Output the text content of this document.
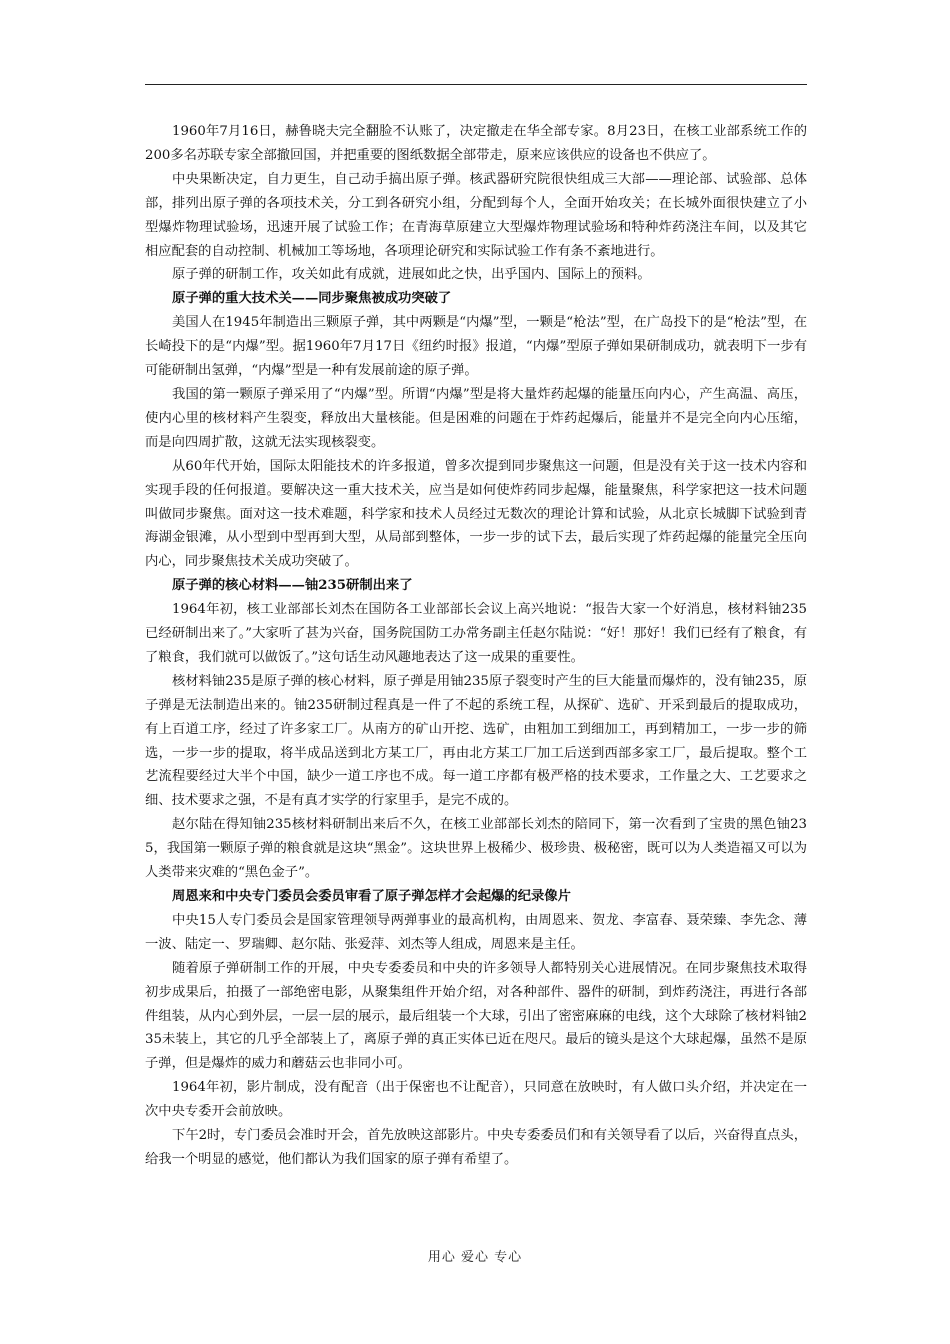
1960年7月16日，赫鲁晓夫完全翻脸不认账了，决定撤走在华全部专家。8月23日，在核工业部系统工作的200多名苏联专家全部撤回国，并把重要的图纸数据全部带走，原来应该供应的设备也不供应了。

中央果断决定，自力更生，自己动手搞出原子弹。核武器研究院很快组成三大部——理论部、试验部、总体部，排列出原子弹的各项技术关，分工到各研究小组，分配到每个人，全面开始攻关；在长城外面很快建立了小型爆炸物理试验场，迅速开展了试验工作；在青海草原建立大型爆炸物理试验场和特种炸药浇注车间，以及其它相应配套的自动控制、机械加工等场地，各项理论研究和实际试验工作有条不紊地进行。

原子弹的研制工作，攻关如此有成就，进展如此之快，出乎国内、国际上的预料。

原子弹的重大技术关——同步聚焦被成功突破了

美国人在1945年制造出三颗原子弹，其中两颗是“内爆”型，一颗是“枪法”型，在广岛投下的是“枪法”型，在长崎投下的是“内爆”型。据1960年7月17日《纽约时报》报道，“内爆”型原子弹如果研制成功，就表明下一步有可能研制出氢弹，“内爆”型是一种有发展前途的原子弹。

我国的第一颗原子弹采用了“内爆”型。所谓“内爆”型是将大量炸药起爆的能量压向内心，产生高温、高压，使内心里的核材料产生裂变，释放出大量核能。但是困难的问题在于炸药起爆后，能量并不是完全向内心压缩，而是向四周扩散，这就无法实现核裂变。

从60年代开始，国际太阳能技术的许多报道，曾多次提到同步聚焦这一问题，但是没有关于这一技术内容和实现手段的任何报道。要解决这一重大技术关，应当是如何使炸药同步起爆，能量聚焦，科学家把这一技术问题叫做同步聚焦。面对这一技术难题，科学家和技术人员经过无数次的理论计算和试验，从北京长城脚下试验到青海湖金银滩，从小型到中型再到大型，从局部到整体，一步一步的试下去，最后实现了炸药起爆的能量完全压向内心，同步聚焦技术关成功突破了。

原子弹的核心材料——铀235研制出来了

1964年初，核工业部部长刘杰在国防各工业部部长会议上高兴地说：“报告大家一个好消息，核材料铀235已经研制出来了。”大家听了甚为兴奋，国务院国防工办常务副主任赵尔陆说：“好！那好！我们已经有了粮食，有了粮食，我们就可以做饭了。”这句话生动风趣地表达了这一成果的重要性。

核材料铀235是原子弹的核心材料，原子弹是用铀235原子裂变时产生的巨大能量而爆炸的，没有铀235，原子弹是无法制造出来的。铀235研制过程真是一件了不起的系统工程，从探矿、选矿、开采到最后的提取成功，有上百道工序，经过了许多家工厂。从南方的矿山开挖、选矿，由粗加工到细加工，再到精加工，一步一步的筛选，一步一步的提取，将半成品送到北方某工厂，再由北方某工厂加工后送到西部多家工厂，最后提取。整个工艺流程要经过大半个中国，缺少一道工序也不成。每一道工序都有极严格的技术要求，工作量之大、工艺要求之细、技术要求之强，不是有真才实学的行家里手，是完不成的。

赵尔陆在得知铀235核材料研制出来后不久，在核工业部部长刘杰的陪同下，第一次看到了宝贵的黑色铀235，我国第一颗原子弹的粮食就是这块“黑金”。这块世界上极稀少、极珍贵、极秘密，既可以为人类造福又可以为人类带来灾难的“黑色金子”。

周恩来和中央专门委员会委员审看了原子弹怎样才会起爆的纪录像片

中央15人专门委员会是国家管理领导两弹事业的最高机构，由周恩来、贺龙、李富春、聂荣臻、李先念、薄一波、陆定一、罗瑞卿、赵尔陆、张爱萍、刘杰等人组成，周恩来是主任。

随着原子弹研制工作的开展，中央专委委员和中央的许多领导人都特别关心进展情况。在同步聚焦技术取得初步成果后，拍摄了一部绝密电影，从聚集组件开始介绍，对各种部件、器件的研制，到炸药浇注，再进行各部件组装，从内心到外层，一层一层的展示，最后组装一个大球，引出了密密麻麻的电线，这个大球除了核材料铀235未装上，其它的几乎全部装上了，离原子弹的真正实体已近在咫尺。最后的镜头是这个大球起爆，虽然不是原子弹，但是爆炸的威力和蘑菇云也非同小可。

1964年初，影片制成，没有配音（出于保密也不让配音），只同意在放映时，有人做口头介绍，并决定在一次中央专委开会前放映。

下午2时，专门委员会准时开会，首先放映这部影片。中央专委委员们和有关领导看了以后，兴奋得直点头，给我一个明显的感觉，他们都认为我们国家的原子弹有希望了。

用心 爱心 专心
